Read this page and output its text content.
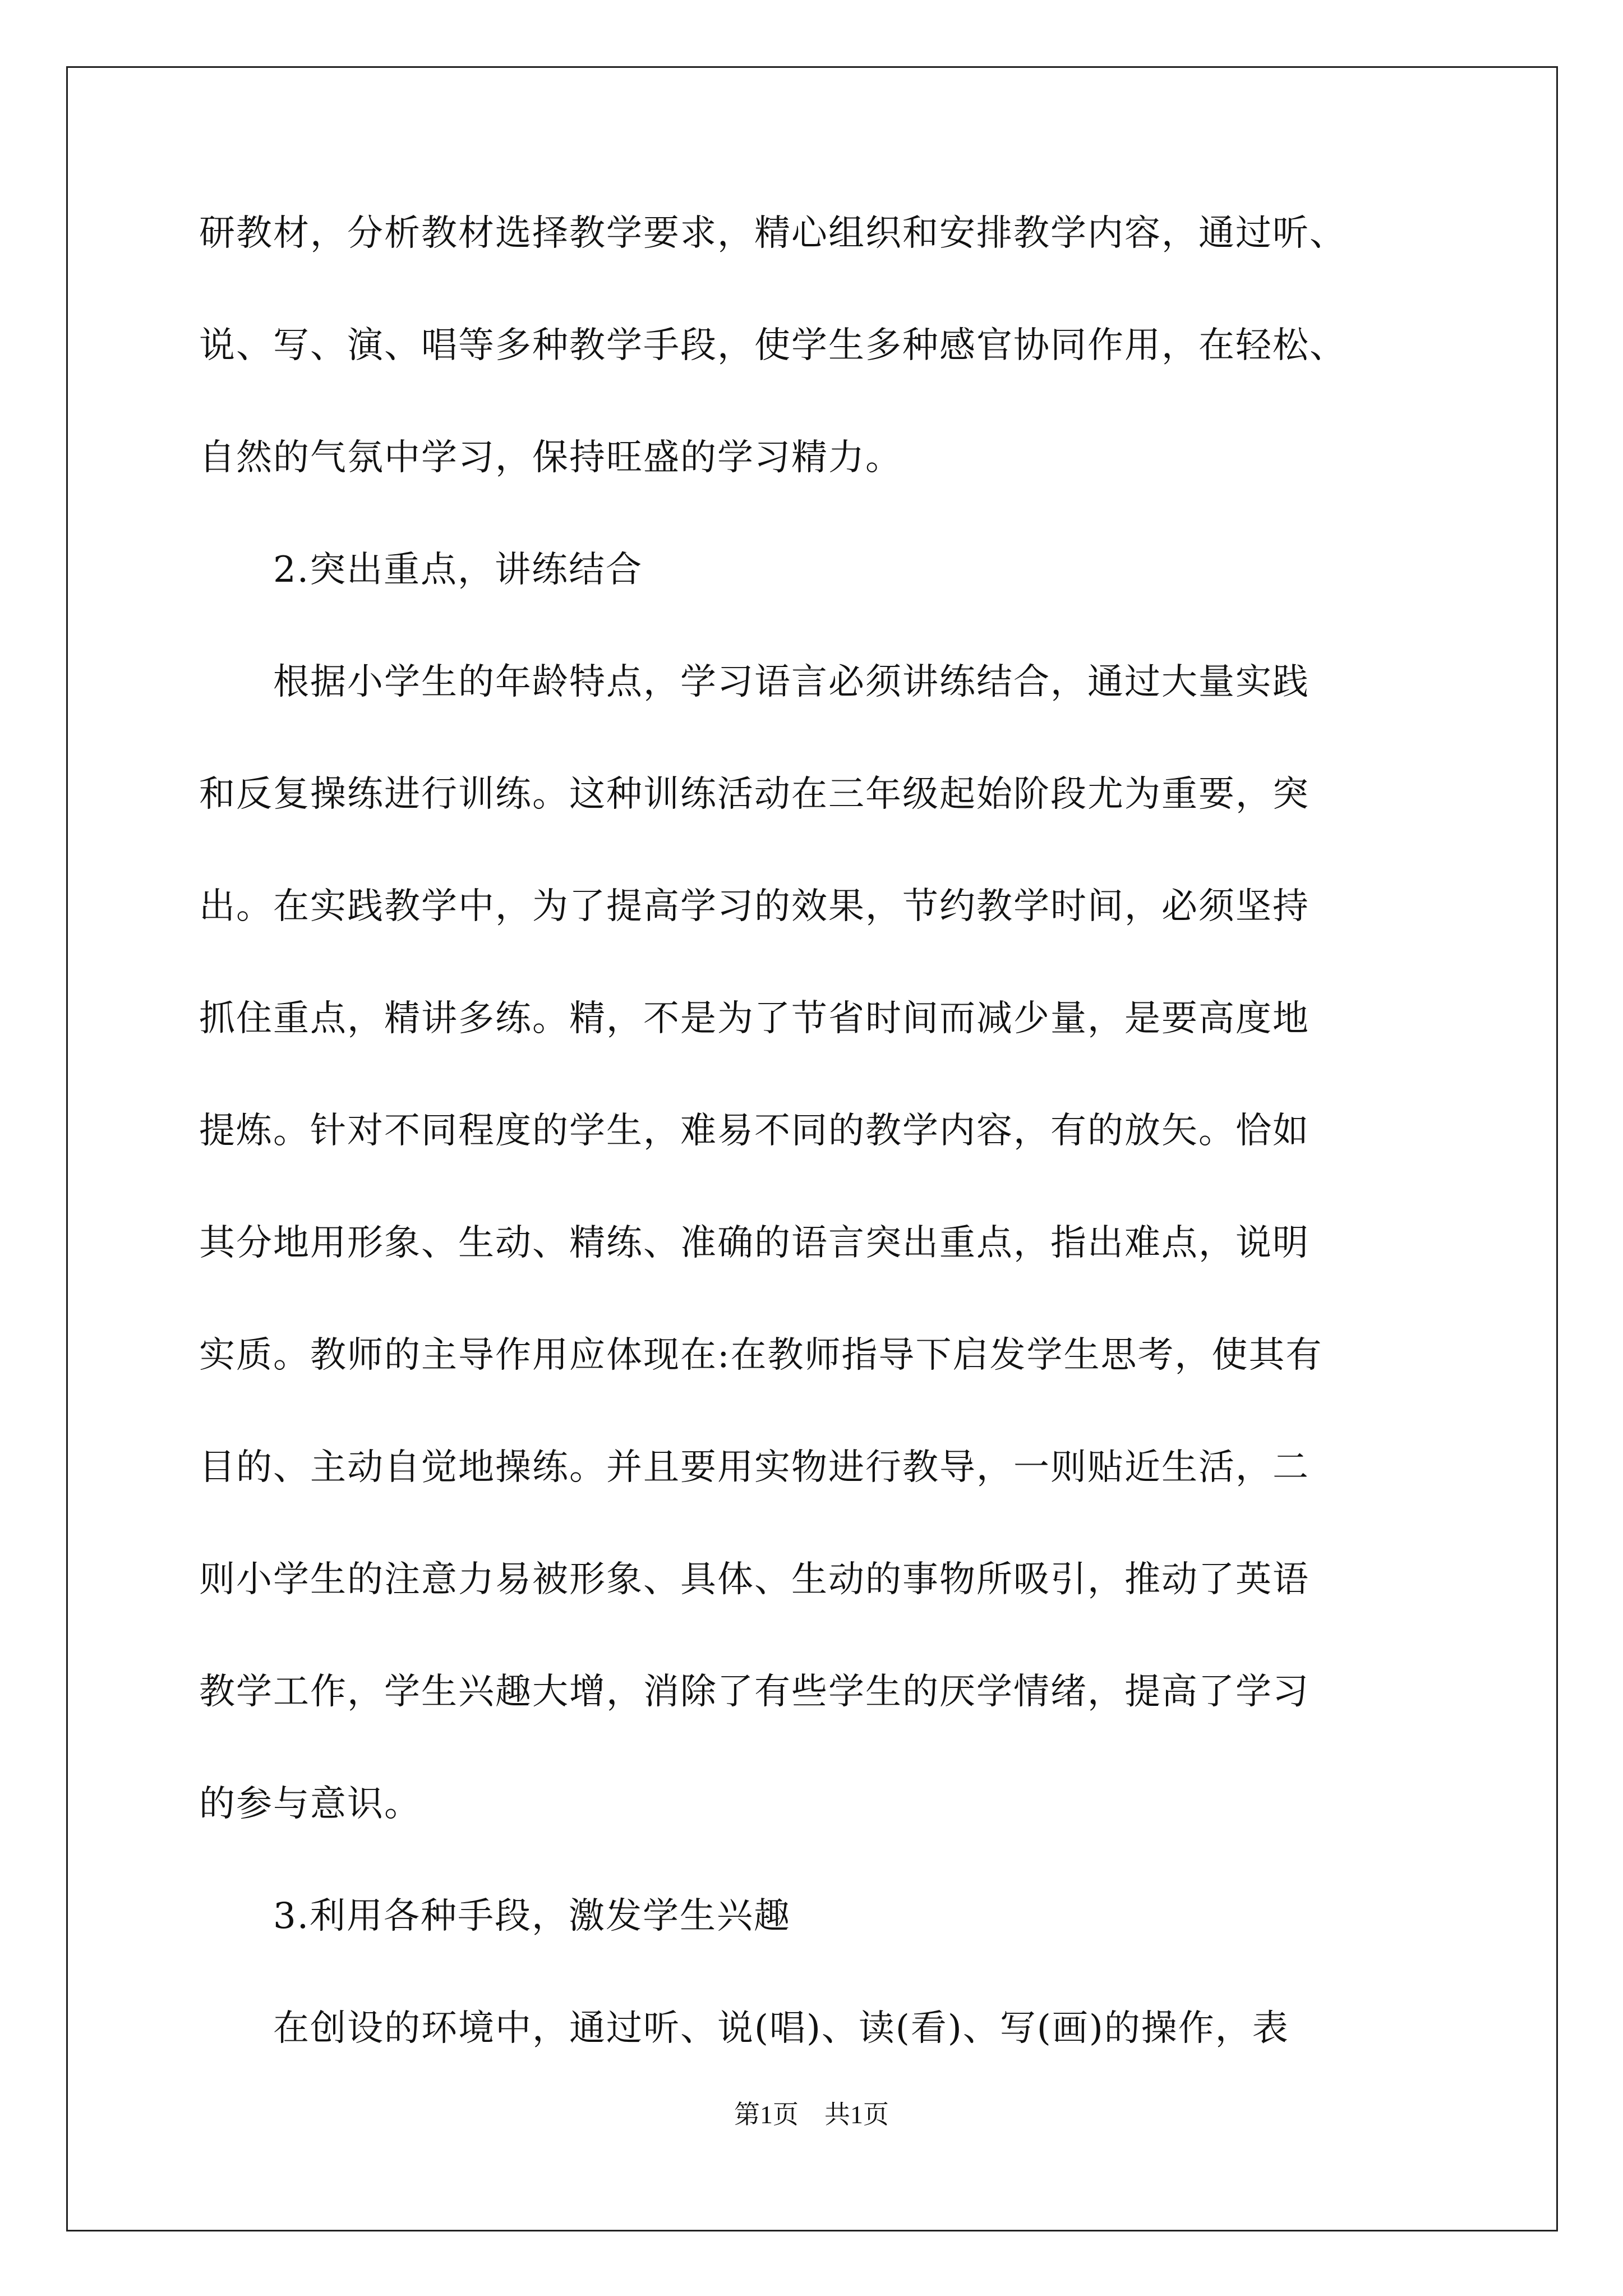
研教材，分析教材选择教学要求，精心组织和安排教学内容，通过听、
说、写、演、唱等多种教学手段，使学生多种感官协同作用，在轻松、
自然的气氛中学习，保持旺盛的学习精力。
　　2.突出重点，讲练结合
　　根据小学生的年龄特点，学习语言必须讲练结合，通过大量实践
和反复操练进行训练。这种训练活动在三年级起始阶段尤为重要，突
出。在实践教学中，为了提高学习的效果，节约教学时间，必须坚持
抓住重点，精讲多练。精，不是为了节省时间而减少量，是要高度地
提炼。针对不同程度的学生，难易不同的教学内容，有的放矢。恰如
其分地用形象、生动、精练、准确的语言突出重点，指出难点，说明
实质。教师的主导作用应体现在:在教师指导下启发学生思考，使其有
目的、主动自觉地操练。并且要用实物进行教导，一则贴近生活，二
则小学生的注意力易被形象、具体、生动的事物所吸引，推动了英语
教学工作，学生兴趣大增，消除了有些学生的厌学情绪，提高了学习
的参与意识。
　　3.利用各种手段，激发学生兴趣
　　在创设的环境中，通过听、说(唱)、读(看)、写(画)的操作，表
第1页　共1页
